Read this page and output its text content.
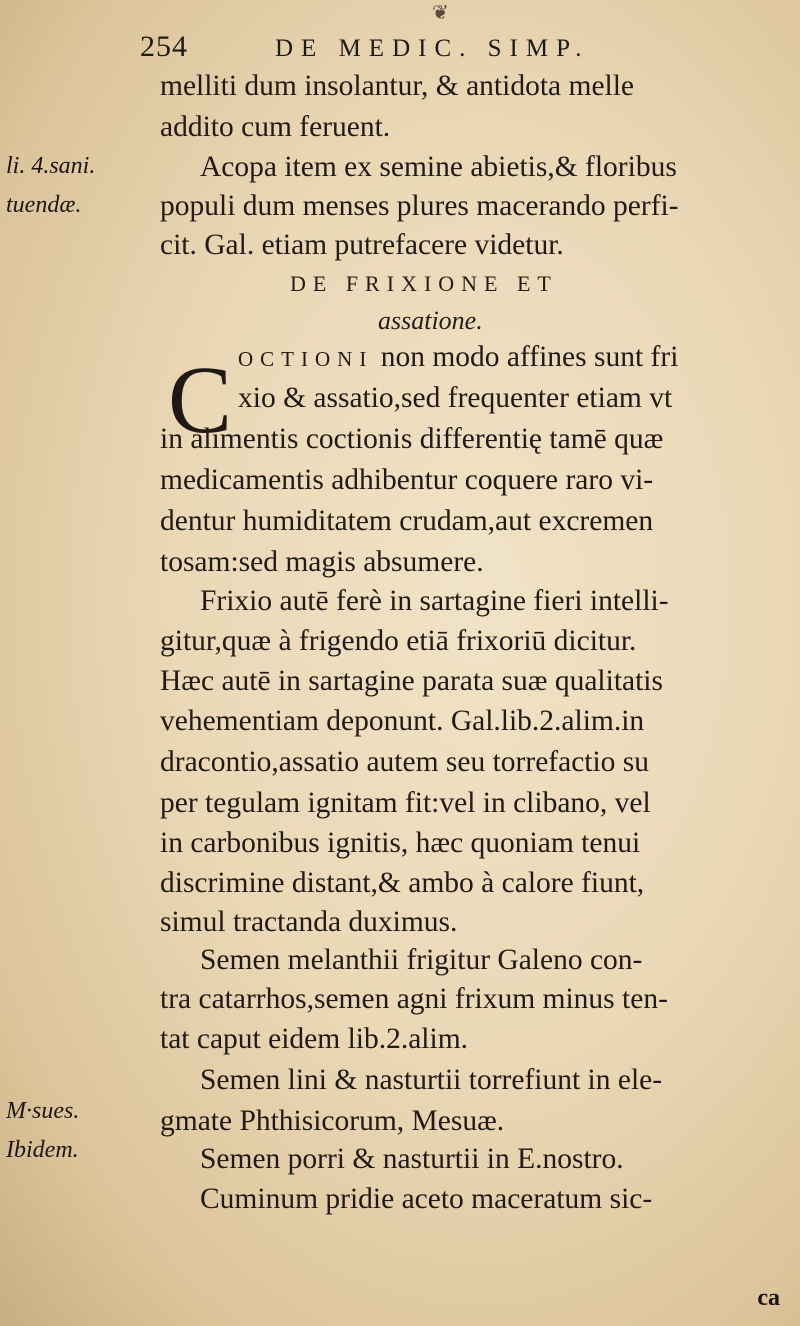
❦
254	DE MEDIC. SIMP.
li. 4.sani.
tuendæ.
M·sues.
Ibidem.
melliti dum insolantur, & antidota melle
addito cum feruent.
Acopa item ex semine abietis,& floribus
populi dum menses plures macerando perfi-
cit. Gal. etiam putrefacere videtur.
DE FRIXIONE ET
assatione.
C OCTIONI non modo affines sunt fri
xio & assatio,sed frequenter etiam vt
in alimentis coctionis differentię tamē quæ
medicamentis adhibentur coquere raro vi-
dentur humiditatem crudam,aut excremen
tosam:sed magis absumere.
Frixio autē ferè in sartagine fieri intelli-
gitur,quæ à frigendo etiā frixoriū dicitur.
Hæc autē in sartagine parata suæ qualitatis
vehementiam deponunt. Gal.lib.2.alim.in
dracontio,assatio autem seu torrefactio su
per tegulam ignitam fit:vel in clibano, vel
in carbonibus ignitis, hæc quoniam tenui
discrimine distant,& ambo à calore fiunt,
simul tractanda duximus.
Semen melanthii frigitur Galeno con-
tra catarrhos,semen agni frixum minus ten-
tat caput eidem lib.2.alim.
Semen lini & nasturtii torrefiunt in ele-
gmate Phthisicorum, Mesuæ.
Semen porri & nasturtii in E.nostro.
Cuminum pridie aceto maceratum sic-
ca
